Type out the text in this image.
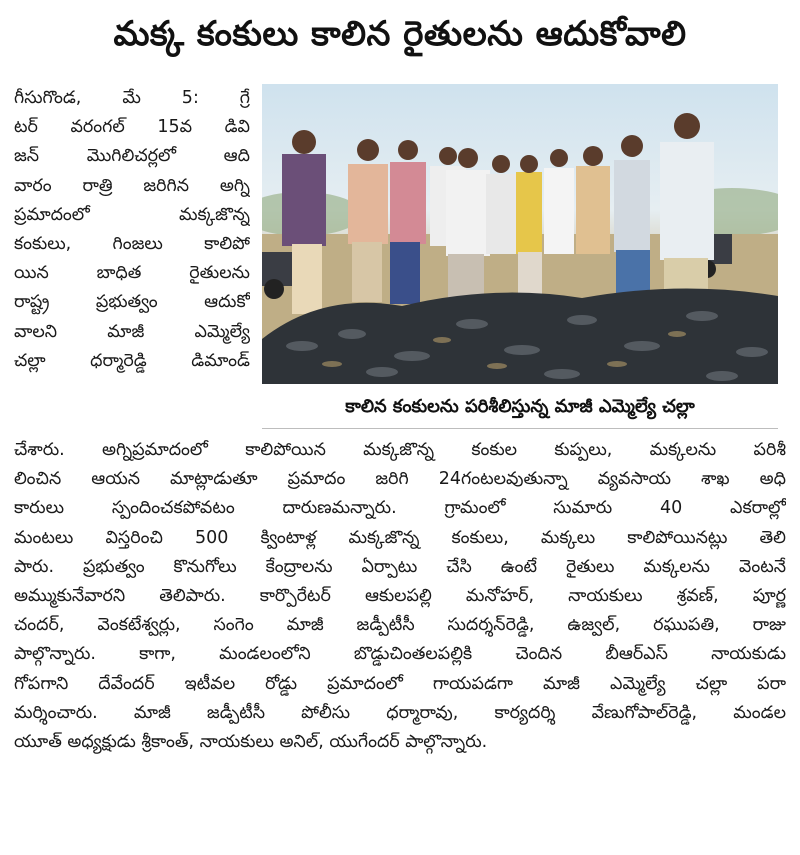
మక్క కంకులు కాలిన రైతులను ఆదుకోవాలి
గీసుగొండ, మే 5: గ్రే
టర్ వరంగల్ 15వ డివి
జన్ మొగిలిచర్లలో ఆది
వారం రాత్రి జరిగిన అగ్ని
ప్రమాదంలో మక్కజొన్న
కంకులు, గింజలు కాలిపో
యిన బాధిత రైతులను
రాష్ట్ర ప్రభుత్వం ఆదుకో
వాలని మాజీ ఎమ్మెల్యే
చల్లా ధర్మారెడ్డి డిమాండ్
కాలిన కంకులను పరిశీలిస్తున్న మాజీ ఎమ్మెల్యే చల్లా
చేశారు. అగ్నిప్రమాదంలో కాలిపోయిన మక్కజొన్న కంకుల కుప్పలు, మక్కలను పరిశీ
లించిన ఆయన మాట్లాడుతూ ప్రమాదం జరిగి 24గంటలవుతున్నా వ్యవసాయ శాఖ అధి
కారులు స్పందించకపోవటం దారుణమన్నారు. గ్రామంలో సుమారు 40 ఎకరాల్లో
మంటలు విస్తరించి 500 క్వింటాళ్ల మక్కజొన్న కంకులు, మక్కలు కాలిపోయినట్లు తెలి
పారు. ప్రభుత్వం కొనుగోలు కేంద్రాలను ఏర్పాటు చేసి ఉంటే రైతులు మక్కలను వెంటనే
అమ్ముకునేవారని తెలిపారు. కార్పొరేటర్ ఆకులపల్లి మనోహర్, నాయకులు శ్రవణ్, పూర్ణ
చందర్, వెంకటేశ్వర్లు, సంగెం మాజీ జడ్పీటీసీ సుదర్శన్‌రెడ్డి, ఉజ్వల్, రఘుపతి, రాజు
పాల్గొన్నారు. కాగా, మండలంలోని బొడ్డుచింతలపల్లికి చెందిన బీఆర్ఎస్ నాయకుడు
గోపగాని దేవేందర్ ఇటీవల రోడ్డు ప్రమాదంలో గాయపడగా మాజీ ఎమ్మెల్యే చల్లా పరా
మర్శించారు. మాజీ జడ్పీటీసీ పోలీసు ధర్మారావు, కార్యదర్శి వేణుగోపాల్‌రెడ్డి, మండల
యూత్ అధ్యక్షుడు శ్రీకాంత్, నాయకులు అనిల్, యుగేందర్ పాల్గొన్నారు.
